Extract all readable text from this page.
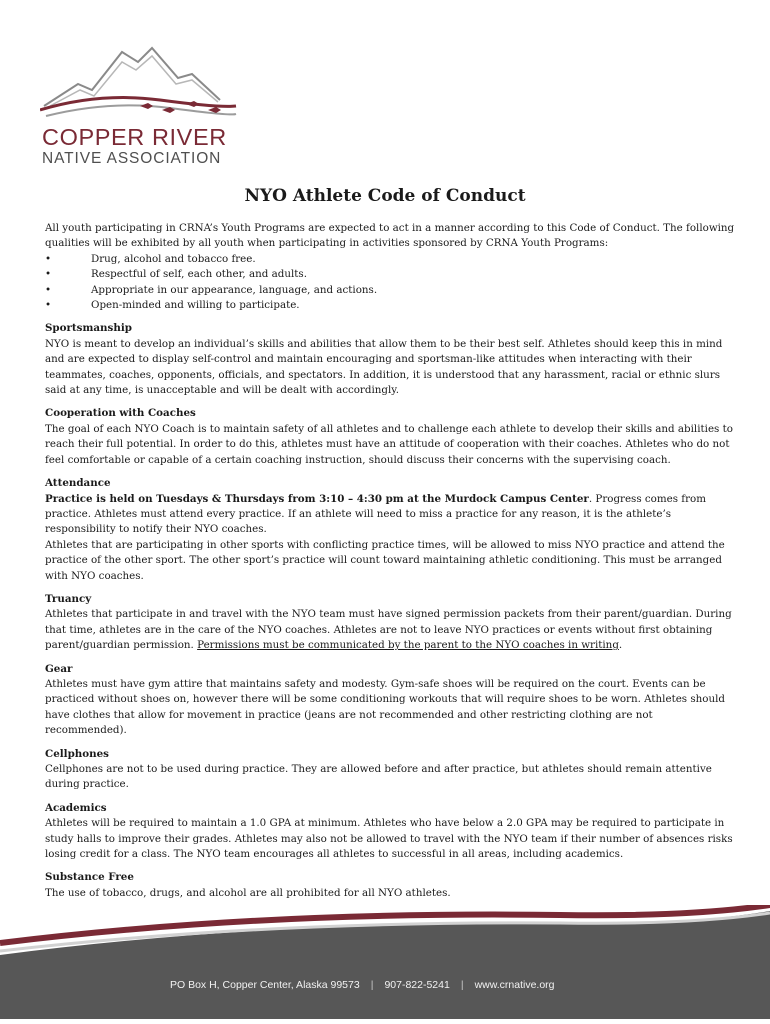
COPPER RIVER
NATIVE ASSOCIATION
NYO Athlete Code of Conduct

All youth participating in CRNA’s Youth Programs are expected to act in a manner according to this Code of Conduct. The following qualities will be exhibited by all youth when participating in activities sponsored by CRNA Youth Programs:

•	Drug, alcohol and tobacco free.
•	Respectful of self, each other, and adults.
•	Appropriate in our appearance, language, and actions.
•	Open-minded and willing to participate.
Sportsmanship

NYO is meant to develop an individual’s skills and abilities that allow them to be their best self. Athletes should keep this in mind and are expected to display self-control and maintain encouraging and sportsman-like attitudes when interacting with their teammates, coaches, opponents, officials, and spectators. In addition, it is understood that any harassment, racial or ethnic slurs said at any time, is unacceptable and will be dealt with accordingly.

Cooperation with Coaches

The goal of each NYO Coach is to maintain safety of all athletes and to challenge each athlete to develop their skills and abilities to reach their full potential. In order to do this, athletes must have an attitude of cooperation with their coaches. Athletes who do not feel comfortable or capable of a certain coaching instruction, should discuss their concerns with the supervising coach.

Attendance

Practice is held on Tuesdays & Thursdays from 3:10 – 4:30 pm at the Murdock Campus Center. Progress comes from practice. Athletes must attend every practice. If an athlete will need to miss a practice for any reason, it is the athlete’s responsibility to notify their NYO coaches.

Athletes that are participating in other sports with conflicting practice times, will be allowed to miss NYO practice and attend the practice of the other sport. The other sport’s practice will count toward maintaining athletic conditioning. This must be arranged with NYO coaches.

Truancy

Athletes that participate in and travel with the NYO team must have signed permission packets from their parent/guardian. During that time, athletes are in the care of the NYO coaches. Athletes are not to leave NYO practices or events without first obtaining parent/guardian permission. Permissions must be communicated by the parent to the NYO coaches in writing.

Gear

Athletes must have gym attire that maintains safety and modesty. Gym-safe shoes will be required on the court. Events can be practiced without shoes on, however there will be some conditioning workouts that will require shoes to be worn. Athletes should have clothes that allow for movement in practice (jeans are not recommended and other restricting clothing are not recommended).

Cellphones

Cellphones are not to be used during practice. They are allowed before and after practice, but athletes should remain attentive during practice.

Academics

Athletes will be required to maintain a 1.0 GPA at minimum. Athletes who have below a 2.0 GPA may be required to participate in study halls to improve their grades. Athletes may also not be allowed to travel with the NYO team if their number of absences risks losing credit for a class. The NYO team encourages all athletes to successful in all areas, including academics.

Substance Free

The use of tobacco, drugs, and alcohol are all prohibited for all NYO athletes.

PO Box H, Copper Center, Alaska 99573 | 907-822-5241 | www.crnative.org
